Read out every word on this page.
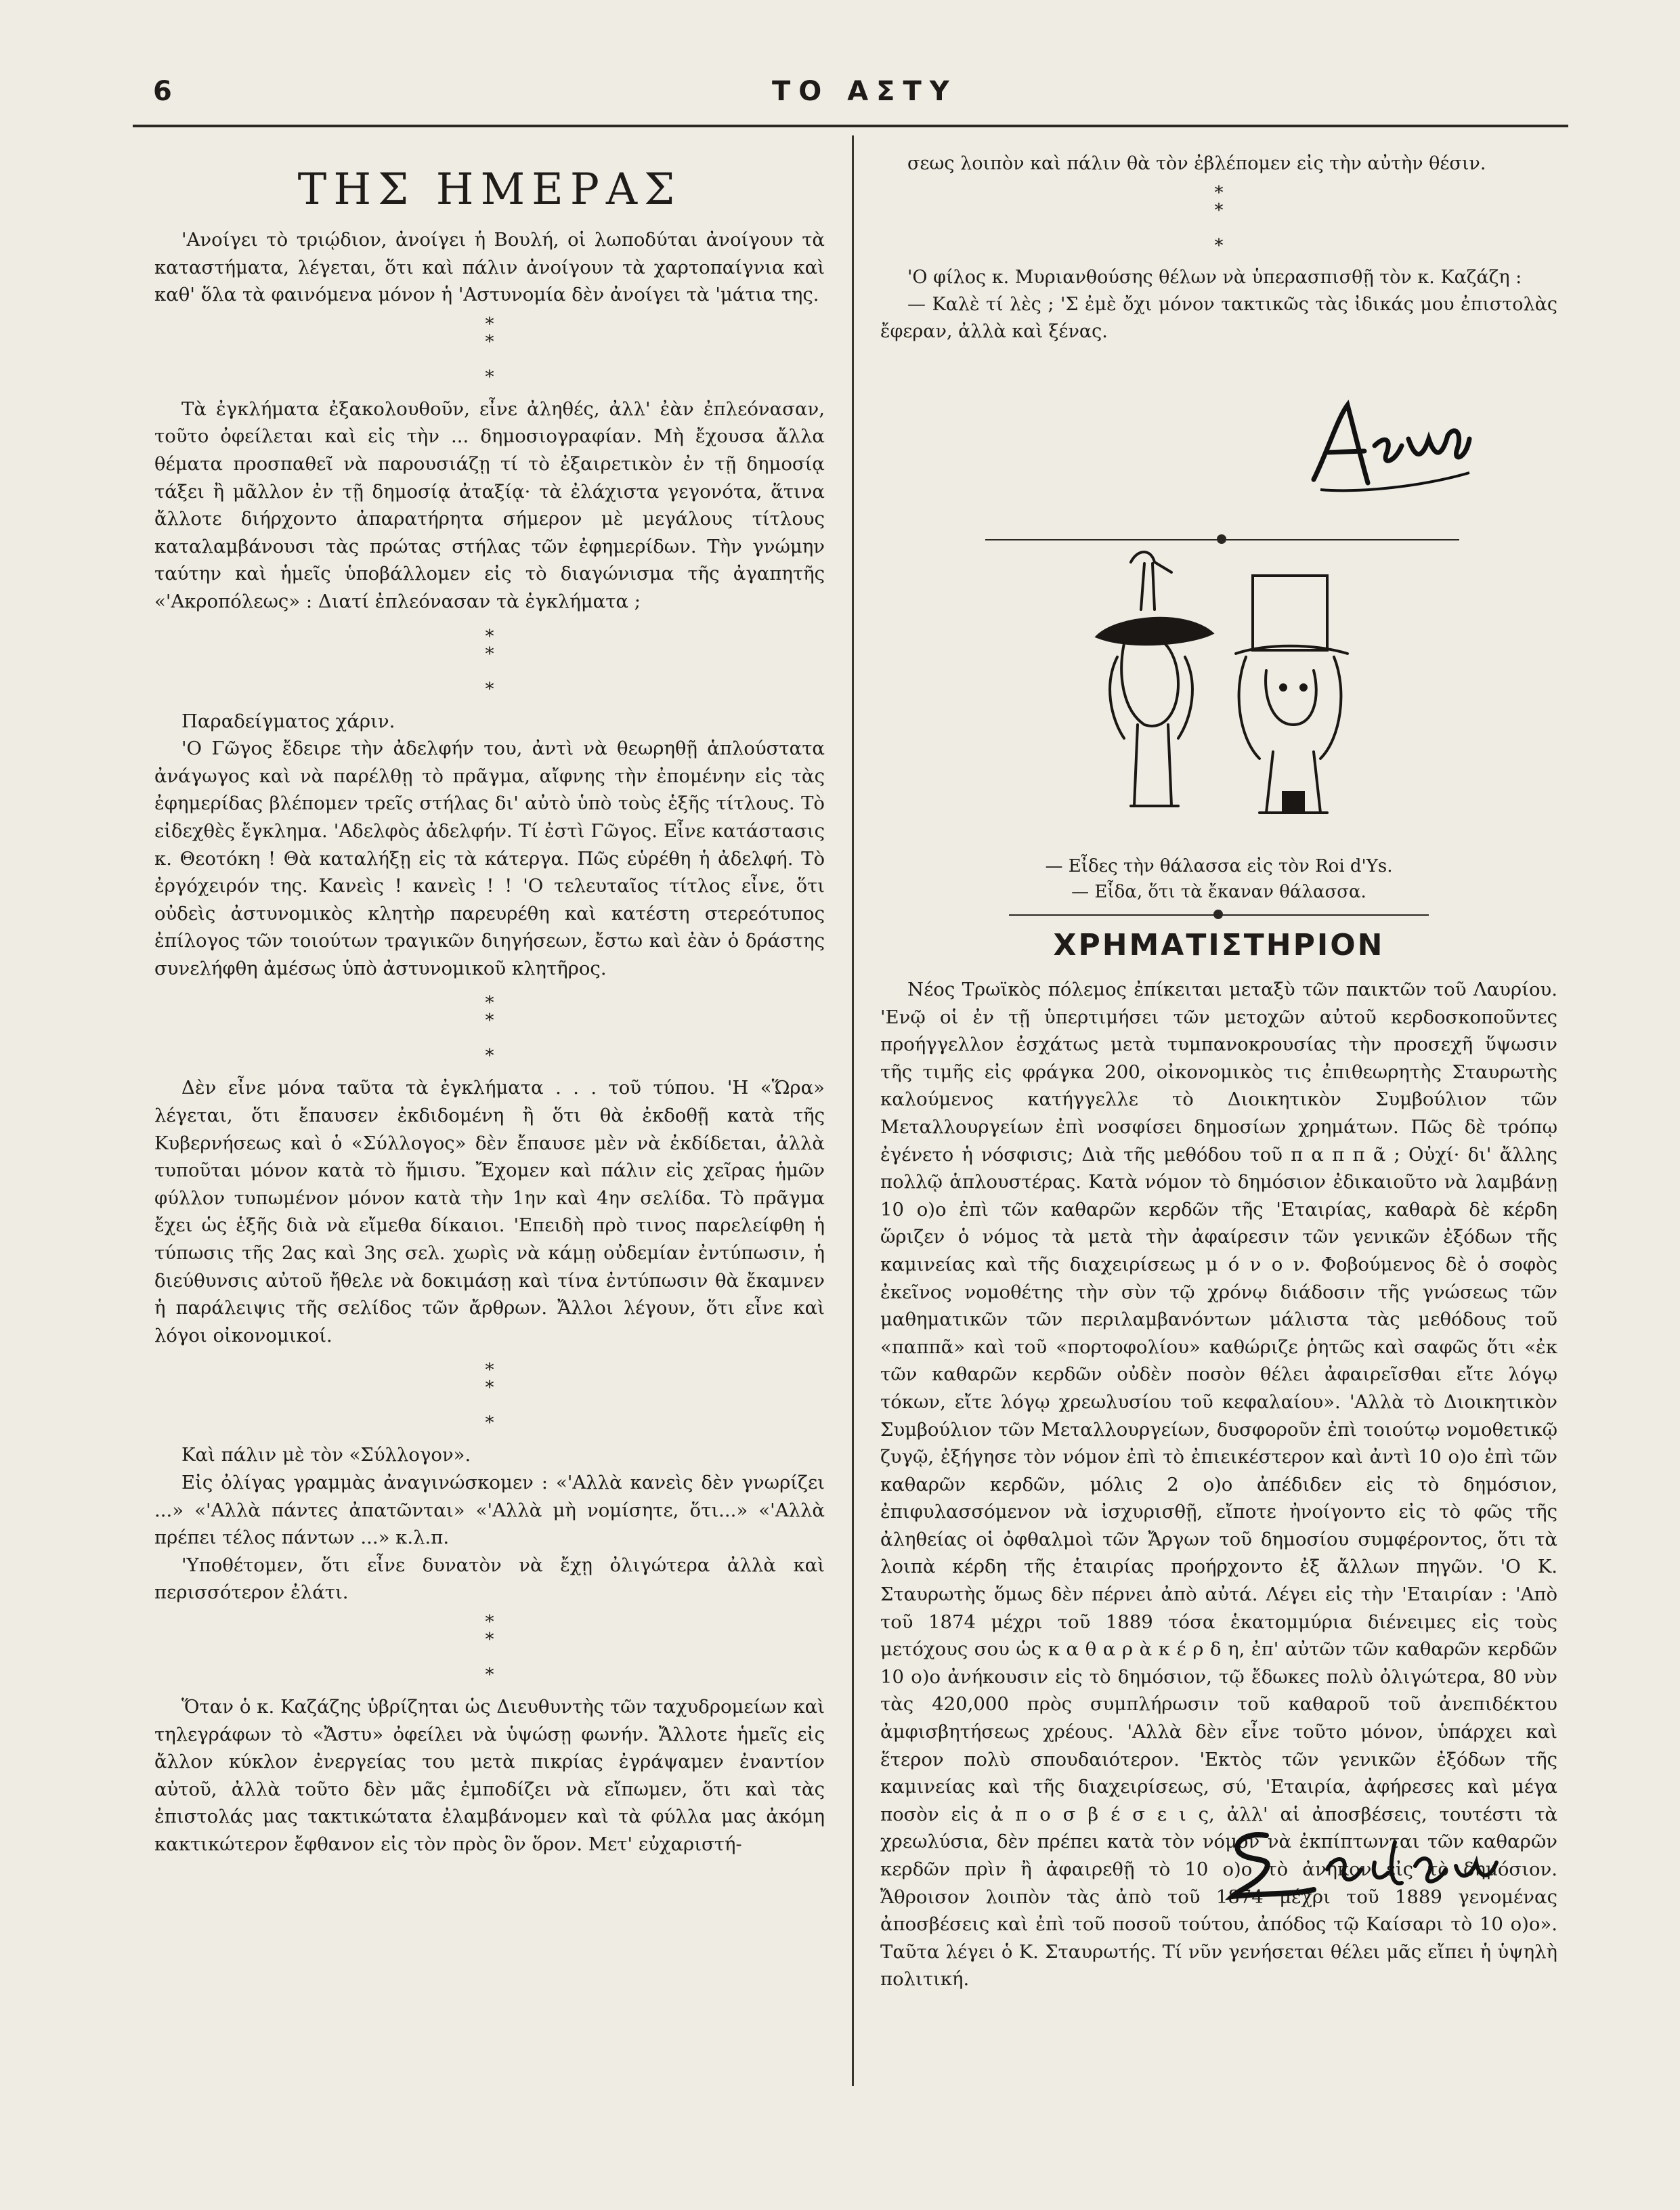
6	ΤΟ ΑΣΤΥ
ΤΗΣ ΗΜΕΡΑΣ

'Ανοίγει τὸ τριῴδιον, ἀνοίγει ἡ Βουλή, οἱ λωποδύται ἀνοίγουν τὰ καταστήματα, λέγεται, ὅτι καὶ πάλιν ἀνοίγουν τὰ χαρτοπαίγνια καὶ καθ' ὅλα τὰ φαινόμενα μόνον ἡ 'Αστυνομία δὲν ἀνοίγει τὰ 'μάτια της.

*
*

*

Τὰ ἐγκλήματα ἐξακολουθοῦν, εἶνε ἀληθές, ἀλλ' ἐὰν ἐπλεόνασαν, τοῦτο ὀφείλεται καὶ εἰς τὴν ... δημοσιογραφίαν. Μὴ ἔχουσα ἄλλα θέματα προσπαθεῖ νὰ παρουσιάζῃ τί τὸ ἐξαιρετικὸν ἐν τῇ δημοσίᾳ τάξει ἢ μᾶλλον ἐν τῇ δημοσίᾳ ἀταξίᾳ· τὰ ἐλάχιστα γεγονότα, ἅτινα ἄλλοτε διήρχοντο ἀπαρατήρητα σήμερον μὲ μεγάλους τίτλους καταλαμβάνουσι τὰς πρώτας στήλας τῶν ἐφημερίδων. Τὴν γνώμην ταύτην καὶ ἡμεῖς ὑποβάλλομεν εἰς τὸ διαγώνισμα τῆς ἀγαπητῆς «'Ακροπόλεως» : Διατί ἐπλεόνασαν τὰ ἐγκλήματα ;

*
*

*

Παραδείγματος χάριν.

'Ο Γῶγος ἔδειρε τὴν ἀδελφήν του, ἀντὶ νὰ θεωρηθῇ ἁπλούστατα ἀνάγωγος καὶ νὰ παρέλθῃ τὸ πρᾶγμα, αἴφνης τὴν ἐπομένην εἰς τὰς ἐφημερίδας βλέπομεν τρεῖς στήλας δι' αὐτὸ ὑπὸ τοὺς ἑξῆς τίτλους. Τὸ εἰδεχθὲς ἔγκλημα. 'Αδελφὸς ἀδελφήν. Τί ἐστὶ Γῶγος. Εἶνε κατάστασις κ. Θεοτόκη ! Θὰ καταλήξῃ εἰς τὰ κάτεργα. Πῶς εὑρέθη ἡ ἀδελφή. Τὸ ἐργόχειρόν της. Κανεὶς ! κανεὶς ! ! 'Ο τελευταῖος τίτλος εἶνε, ὅτι οὐδεὶς ἀστυνομικὸς κλητὴρ παρευρέθη καὶ κατέστη στερεότυπος ἐπίλογος τῶν τοιούτων τραγικῶν διηγήσεων, ἔστω καὶ ἐὰν ὁ δράστης συνελήφθη ἀμέσως ὑπὸ ἀστυνομικοῦ κλητῆρος.

*
*

*

Δὲν εἶνε μόνα ταῦτα τὰ ἐγκλήματα . . . τοῦ τύπου. 'Η «Ὥρα» λέγεται, ὅτι ἔπαυσεν ἐκδιδομένη ἢ ὅτι θὰ ἐκδοθῇ κατὰ τῆς Κυβερνήσεως καὶ ὁ «Σύλλογος» δὲν ἔπαυσε μὲν νὰ ἐκδίδεται, ἀλλὰ τυποῦται μόνον κατὰ τὸ ἥμισυ. Ἔχομεν καὶ πάλιν εἰς χεῖρας ἡμῶν φύλλον τυπωμένον μόνον κατὰ τὴν 1ην καὶ 4ην σελίδα. Τὸ πρᾶγμα ἔχει ὡς ἑξῆς διὰ νὰ εἴμεθα δίκαιοι. 'Επειδὴ πρὸ τινος παρελείφθη ἡ τύπωσις τῆς 2ας καὶ 3ης σελ. χωρὶς νὰ κάμῃ οὐδεμίαν ἐντύπωσιν, ἡ διεύθυνσις αὐτοῦ ἤθελε νὰ δοκιμάσῃ καὶ τίνα ἐντύπωσιν θὰ ἔκαμνεν ἡ παράλειψις τῆς σελίδος τῶν ἄρθρων. Ἄλλοι λέγουν, ὅτι εἶνε καὶ λόγοι οἰκονομικοί.

*
*

*

Καὶ πάλιν μὲ τὸν «Σύλλογον».

Εἰς ὀλίγας γραμμὰς ἀναγινώσκομεν : «'Αλλὰ κανεὶς δὲν γνωρίζει ...» «'Αλλὰ πάντες ἀπατῶνται» «'Αλλὰ μὴ νομίσητε, ὅτι...» «'Αλλὰ πρέπει τέλος πάντων ...» κ.λ.π.

'Υποθέτομεν, ὅτι εἶνε δυνατὸν νὰ ἔχῃ ὀλιγώτερα ἀλλὰ καὶ περισσότερον ἐλάτι.

*
*

*

Ὅταν ὁ κ. Καζάζης ὑβρίζηται ὡς Διευθυντὴς τῶν ταχυδρομείων καὶ τηλεγράφων τὸ «Ἄστυ» ὀφείλει νὰ ὑψώσῃ φωνήν. Ἄλλοτε ἡμεῖς εἰς ἄλλον κύκλον ἐνεργείας του μετὰ πικρίας ἐγράψαμεν ἐναντίον αὐτοῦ, ἀλλὰ τοῦτο δὲν μᾶς ἐμποδίζει νὰ εἴπωμεν, ὅτι καὶ τὰς ἐπιστολάς μας τακτικώτατα ἐλαμβάνομεν καὶ τὰ φύλλα μας ἀκόμη κακτικώτερον ἔφθανον εἰς τὸν πρὸς ὃν ὅρον. Μετ' εὐχαριστή-

σεως λοιπὸν καὶ πάλιν θὰ τὸν ἐβλέπομεν εἰς τὴν αὐτὴν θέσιν.

*
*

*

'Ο φίλος κ. Μυριανθούσης θέλων νὰ ὑπερασπισθῇ τὸν κ. Καζάζη :

— Καλὲ τί λὲς ; 'Σ ἐμὲ ὄχι μόνον τακτικῶς τὰς ἰδικάς μου ἐπιστολὰς ἔφεραν, ἀλλὰ καὶ ξένας.

— Εἶδες τὴν θάλασσα εἰς τὸν Roi d'Ys.
— Εἶδα, ὅτι τὰ ἔκαναν θάλασσα.
ΧΡΗΜΑΤΙΣΤΗΡΙΟΝ

Νέος Τρωϊκὸς πόλεμος ἐπίκειται μεταξὺ τῶν παικτῶν τοῦ Λαυρίου. 'Ενῷ οἱ ἐν τῇ ὑπερτιμήσει τῶν μετοχῶν αὐτοῦ κερδοσκοποῦντες προήγγελλον ἐσχάτως μετὰ τυμπανοκρουσίας τὴν προσεχῆ ὕψωσιν τῆς τιμῆς εἰς φράγκα 200, οἰκονομικὸς τις ἐπιθεωρητὴς Σταυρωτὴς καλούμενος κατήγγελλε τὸ Διοικητικὸν Συμβούλιον τῶν Μεταλλουργείων ἐπὶ νοσφίσει δημοσίων χρημάτων. Πῶς δὲ τρόπῳ ἐγένετο ἡ νόσφισις; Διὰ τῆς μεθόδου τοῦ π α π π ᾶ ; Οὐχί· δι' ἄλλης πολλῷ ἁπλουστέρας. Κατὰ νόμον τὸ δημόσιον ἐδικαιοῦτο νὰ λαμβάνῃ 10 ο)ο ἐπὶ τῶν καθαρῶν κερδῶν τῆς 'Εταιρίας, καθαρὰ δὲ κέρδη ὥριζεν ὁ νόμος τὰ μετὰ τὴν ἀφαίρεσιν τῶν γενικῶν ἐξόδων τῆς καμινείας καὶ τῆς διαχειρίσεως μ ό ν ο ν. Φοβούμενος δὲ ὁ σοφὸς ἐκεῖνος νομοθέτης τὴν σὺν τῷ χρόνῳ διάδοσιν τῆς γνώσεως τῶν μαθηματικῶν τῶν περιλαμβανόντων μάλιστα τὰς μεθόδους τοῦ «παππᾶ» καὶ τοῦ «πορτοφολίου» καθώριζε ῥητῶς καὶ σαφῶς ὅτι «ἐκ τῶν καθαρῶν κερδῶν οὐδὲν ποσὸν θέλει ἀφαιρεῖσθαι εἴτε λόγῳ τόκων, εἴτε λόγῳ χρεωλυσίου τοῦ κεφαλαίου». 'Αλλὰ τὸ Διοικητικὸν Συμβούλιον τῶν Μεταλλουργείων, δυσφοροῦν ἐπὶ τοιούτῳ νομοθετικῷ ζυγῷ, ἐξήγησε τὸν νόμον ἐπὶ τὸ ἐπιεικέστερον καὶ ἀντὶ 10 ο)ο ἐπὶ τῶν καθαρῶν κερδῶν, μόλις 2 ο)ο ἀπέδιδεν εἰς τὸ δημόσιον, ἐπιφυλασσόμενον νὰ ἰσχυρισθῇ, εἴποτε ἠνοίγοντο εἰς τὸ φῶς τῆς ἀληθείας οἱ ὀφθαλμοὶ τῶν Ἄργων τοῦ δημοσίου συμφέροντος, ὅτι τὰ λοιπὰ κέρδη τῆς ἑταιρίας προήρχοντο ἐξ ἄλλων πηγῶν. 'Ο Κ. Σταυρωτὴς ὅμως δὲν πέρνει ἀπὸ αὐτά. Λέγει εἰς τὴν 'Εταιρίαν : 'Απὸ τοῦ 1874 μέχρι τοῦ 1889 τόσα ἑκατομμύρια διένειμες εἰς τοὺς μετόχους σου ὡς κ α θ α ρ ὰ κ έ ρ δ η, ἐπ' αὐτῶν τῶν καθαρῶν κερδῶν 10 ο)ο ἀνήκουσιν εἰς τὸ δημόσιον, τῷ ἔδωκες πολὺ ὀλιγώτερα, 80 νὺν τὰς 420,000 πρὸς συμπλήρωσιν τοῦ καθαροῦ τοῦ ἀνεπιδέκτου ἀμφισβητήσεως χρέους. 'Αλλὰ δὲν εἶνε τοῦτο μόνον, ὑπάρχει καὶ ἕτερον πολὺ σπουδαιότερον. 'Εκτὸς τῶν γενικῶν ἐξόδων τῆς καμινείας καὶ τῆς διαχειρίσεως, σύ, 'Εταιρία, ἀφήρεσες καὶ μέγα ποσὸν εἰς ἀ π ο σ β έ σ ε ι ς, ἀλλ' αἱ ἀποσβέσεις, τουτέστι τὰ χρεωλύσια, δὲν πρέπει κατὰ τὸν νόμον νὰ ἐκπίπτωνται τῶν καθαρῶν κερδῶν πρὶν ἢ ἀφαιρεθῇ τὸ 10 ο)ο τὸ ἀνῆκον εἰς τὸ δημόσιον. Ἄθροισον λοιπὸν τὰς ἀπὸ τοῦ 1874 μέχρι τοῦ 1889 γενομένας ἀποσβέσεις καὶ ἐπὶ τοῦ ποσοῦ τούτου, ἀπόδος τῷ Καίσαρι τὸ 10 ο)ο». Ταῦτα λέγει ὁ Κ. Σταυρωτής. Τί νῦν γενήσεται θέλει μᾶς εἴπει ἡ ὑψηλὴ πολιτική.
